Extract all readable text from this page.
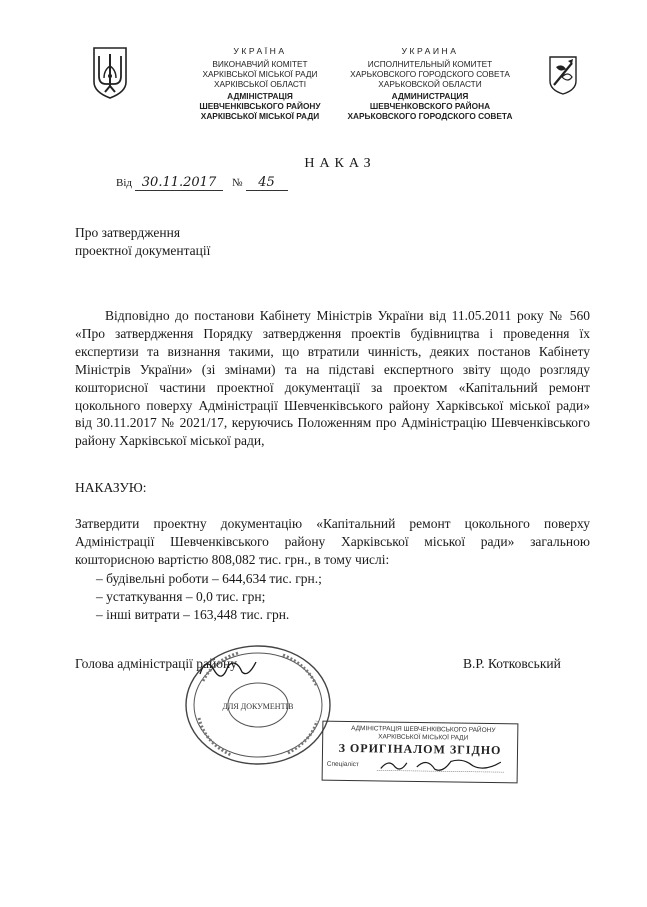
УКРАЇНА
ВИКОНАВЧИЙ КОМІТЕТ
ХАРКІВСЬКОЇ МІСЬКОЇ РАДИ
ХАРКІВСЬКОЇ ОБЛАСТІ
АДМІНІСТРАЦІЯ
ШЕВЧЕНКІВСЬКОГО РАЙОНУ
ХАРКІВСЬКОЇ МІСЬКОЇ РАДИ
УКРАИНА
ИСПОЛНИТЕЛЬНЫЙ КОМИТЕТ
ХАРЬКОВСКОГО ГОРОДСКОГО СОВЕТА
ХАРЬКОВСКОЙ ОБЛАСТИ
АДМИНИСТРАЦИЯ
ШЕВЧЕНКОВСКОГО РАЙОНА
ХАРЬКОВСКОГО ГОРОДСКОГО СОВЕТА
НАКАЗ
Від 30.11.2017 № 45
Про затвердження
проектної документації
Відповідно до постанови Кабінету Міністрів України від 11.05.2011 року № 560 «Про затвердження Порядку затвердження проектів будівництва і проведення їх експертизи та визнання такими, що втратили чинність, деяких постанов Кабінету Міністрів України» (зі змінами) та на підставі експертного звіту щодо розгляду кошторисної частини проектної документації за проектом «Капітальний ремонт цокольного поверху Адміністрації Шевченківського району Харківської міської ради» від 30.11.2017 № 2021/17, керуючись Положенням про Адміністрацію Шевченківського району Харківської міської ради,
НАКАЗУЮ:
Затвердити проектну документацію «Капітальний ремонт цокольного поверху Адміністрації Шевченківського району Харківської міської ради» загальною кошторисною вартістю 808,082 тис. грн., в тому числі:
– будівельні роботи – 644,634 тис. грн.;
– устаткування – 0,0 тис. грн;
– інші витрати – 163,448 тис. грн.
Голова адміністрації району	В.Р. Котковський
ДЛЯ ДОКУМЕНТІВ
АДМІНІСТРАЦІЯ ШЕВЧЕНКІВСЬКОГО РАЙОНУ
ХАРКІВСЬКОЇ МІСЬКОЇ РАДИ
З ОРИГІНАЛОМ ЗГІДНО
Спеціаліст
